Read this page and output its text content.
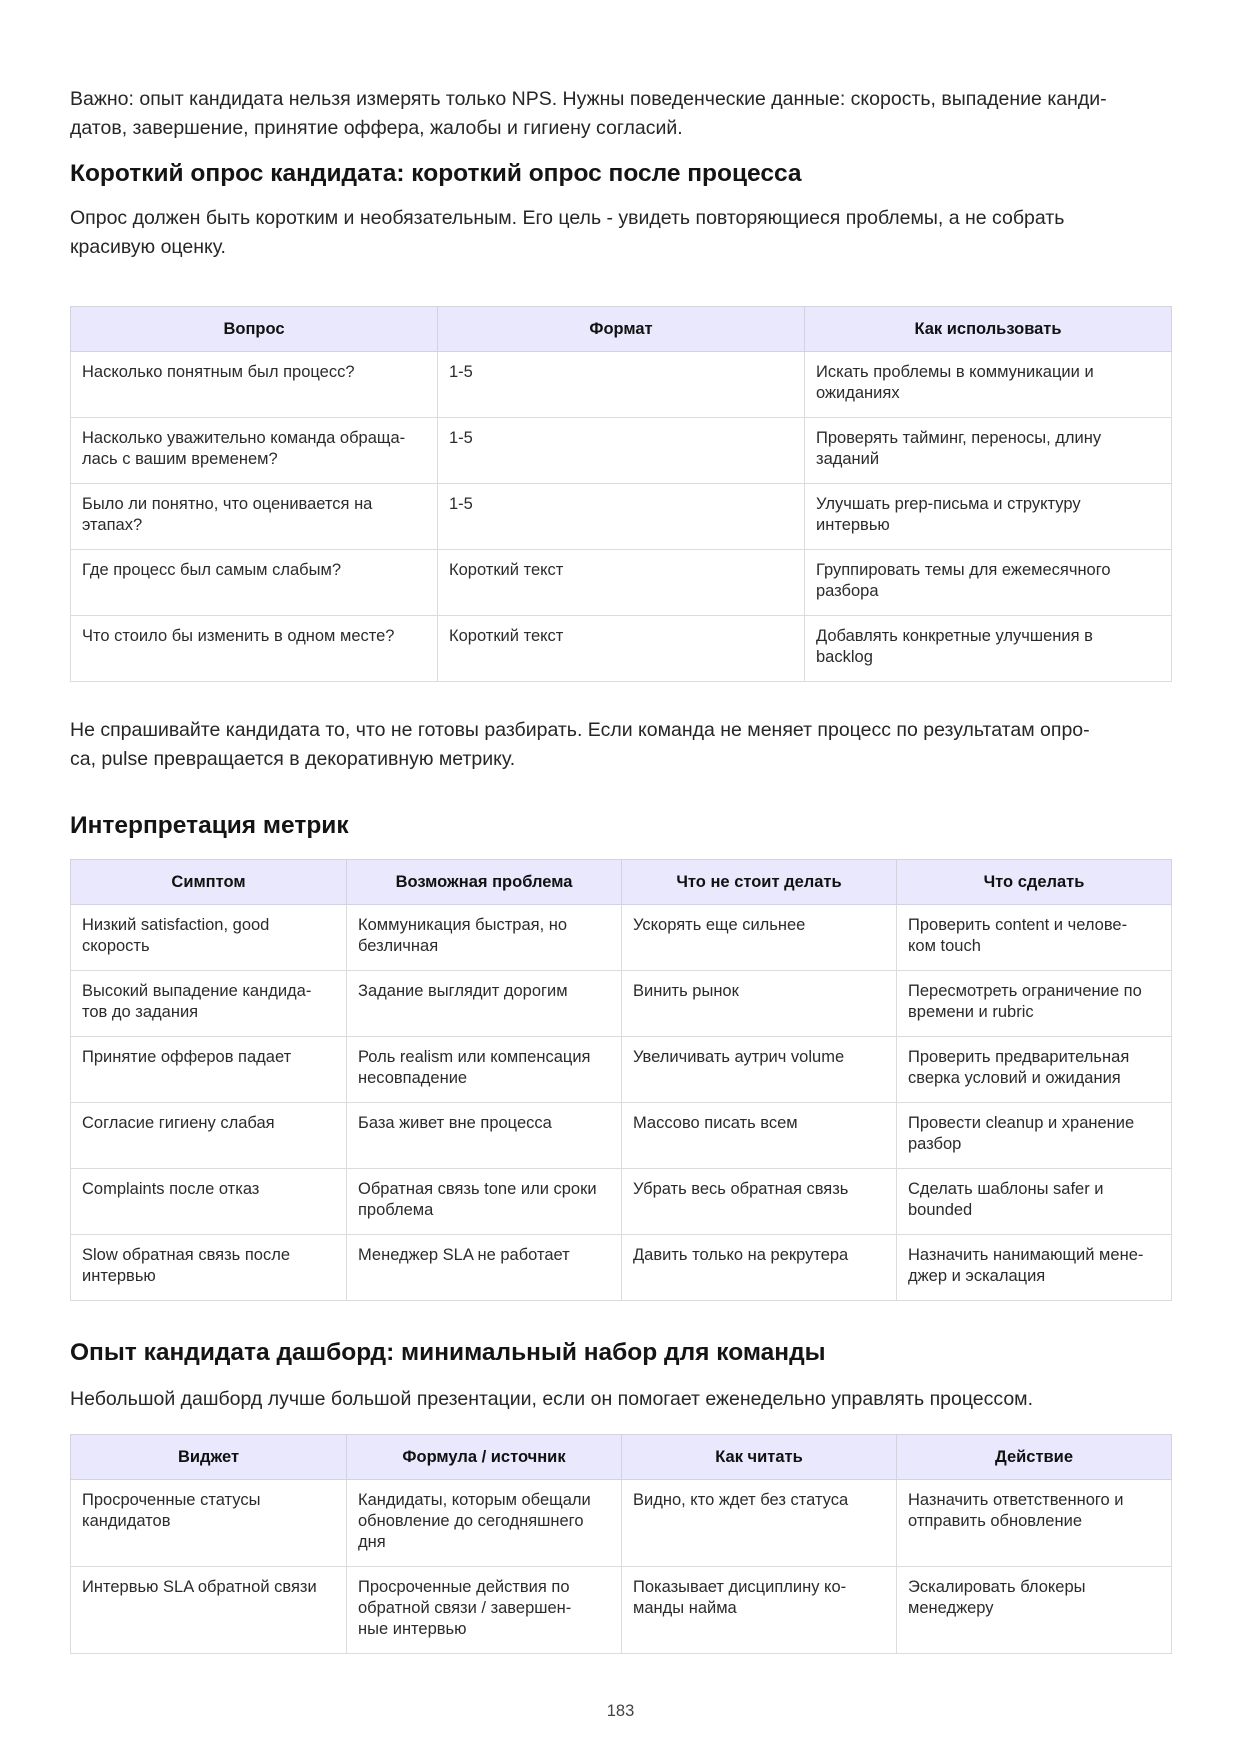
Важно: опыт кандидата нельзя измерять только NPS. Нужны поведенческие данные: скорость, выпадение канди-
датов, завершение, принятие оффера, жалобы и гигиену согласий.

Короткий опрос кандидата: короткий опрос после процесса

Опрос должен быть коротким и необязательным. Его цель - увидеть повторяющиеся проблемы, а не собрать
красивую оценку.

Вопрос	Формат	Как использовать
Насколько понятным был процесс?	1-5	Искать проблемы в коммуникации и
ожиданиях
Насколько уважительно команда обраща-
лась с вашим временем?	1-5	Проверять тайминг, переносы, длину
заданий
Было ли понятно, что оценивается на
этапах?	1-5	Улучшать prep-письма и структуру
интервью
Где процесс был самым слабым?	Короткий текст	Группировать темы для ежемесячного
разбора
Что стоило бы изменить в одном месте?	Короткий текст	Добавлять конкретные улучшения в
backlog

Не спрашивайте кандидата то, что не готовы разбирать. Если команда не меняет процесс по результатам опро-
са, pulse превращается в декоративную метрику.

Интерпретация метрик
Симптом	Возможная проблема	Что не стоит делать	Что сделать
Низкий satisfaction, good
скорость	Коммуникация быстрая, но
безличная	Ускорять еще сильнее	Проверить content и челове-
ком touch
Высокий выпадение кандида-
тов до задания	Задание выглядит дорогим	Винить рынок	Пересмотреть ограничение по
времени и rubric
Принятие офферов падает	Роль realism или компенсация
несовпадение	Увеличивать аутрич volume	Проверить предварительная
сверка условий и ожидания
Согласие гигиену слабая	База живет вне процесса	Массово писать всем	Провести cleanup и хранение
разбор
Complaints после отказ	Обратная связь tone или сроки
проблема	Убрать весь обратная связь	Сделать шаблоны safer и
bounded
Slow обратная связь после
интервью	Менеджер SLA не работает	Давить только на рекрутера	Назначить нанимающий мене-
джер и эскалация
Опыт кандидата дашборд: минимальный набор для команды

Небольшой дашборд лучше большой презентации, если он помогает еженедельно управлять процессом.

Виджет	Формула / источник	Как читать	Действие
Просроченные статусы
кандидатов	Кандидаты, которым обещали
обновление до сегодняшнего
дня	Видно, кто ждет без статуса	Назначить ответственного и
отправить обновление
Интервью SLA обратной связи	Просроченные действия по
обратной связи / завершен-
ные интервью	Показывает дисциплину ко-
манды найма	Эскалировать блокеры
менеджеру
183
